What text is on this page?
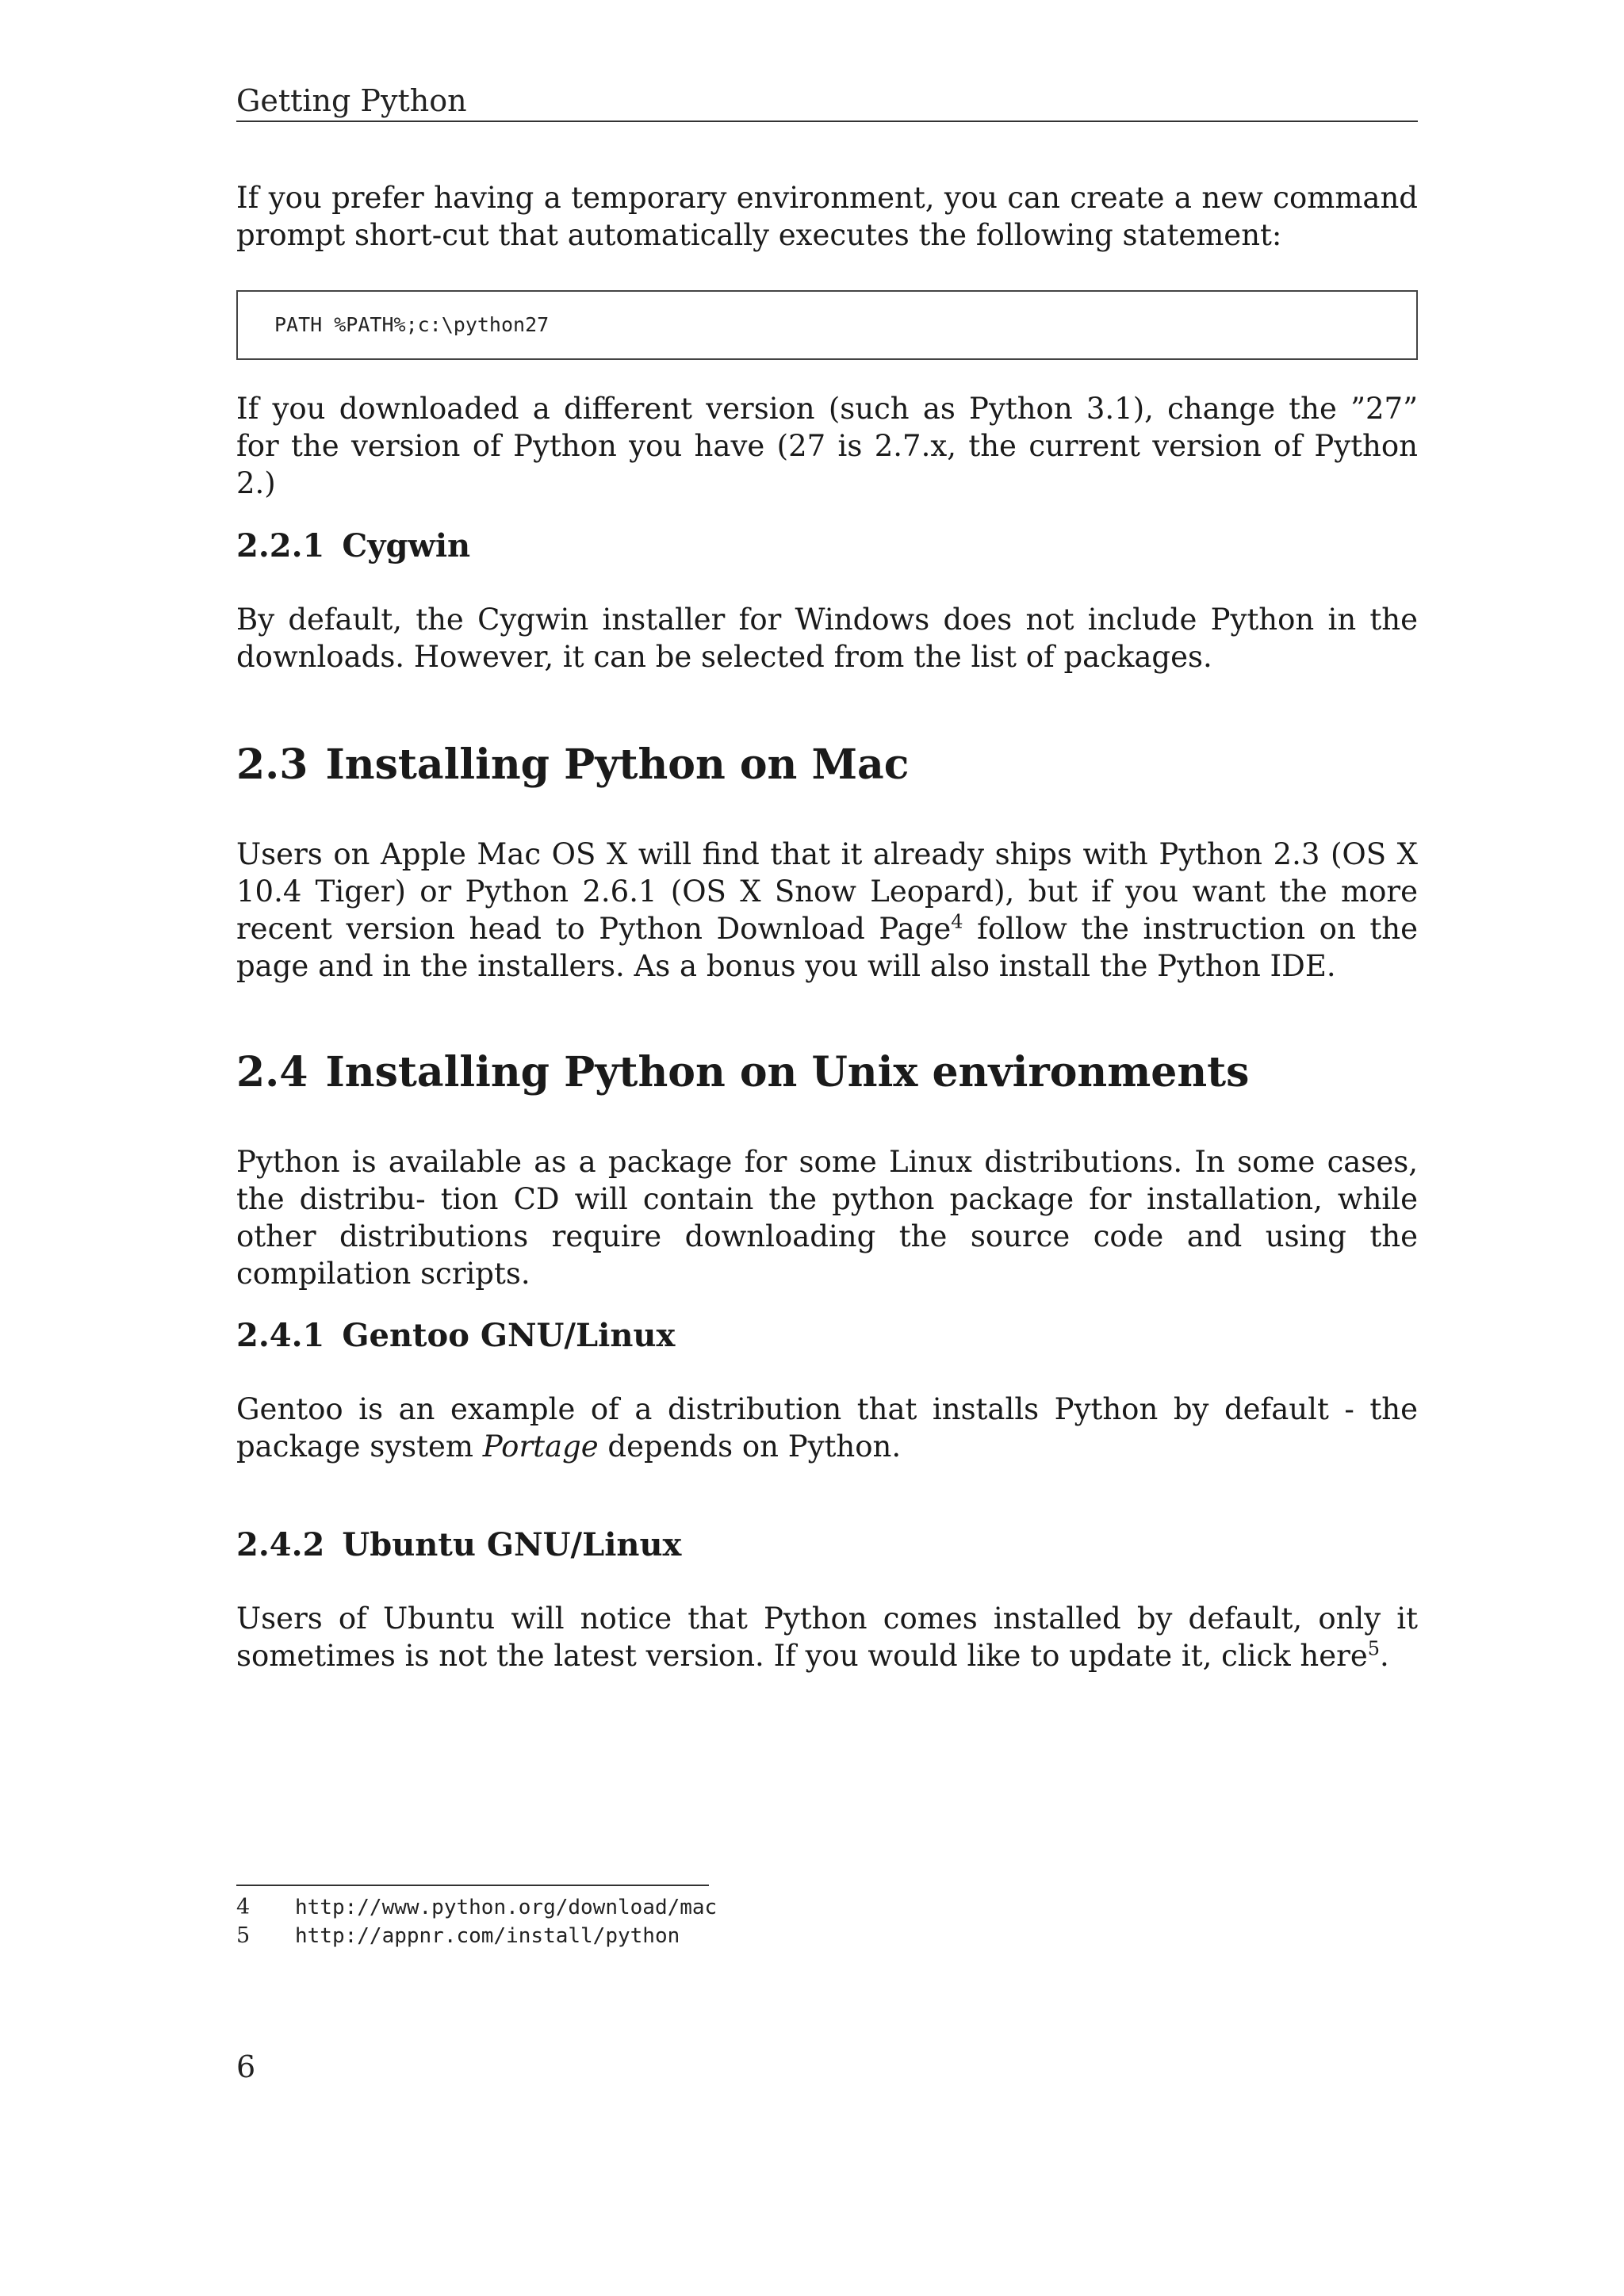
Getting Python

If you prefer having a temporary environment, you can create a new command prompt short-cut that automatically executes the following statement:

PATH %PATH%;c:\python27

If you downloaded a different version (such as Python 3.1), change the ”27” for the version of Python you have (27 is 2.7.x, the current version of Python 2.)

2.2.1 Cygwin

By default, the Cygwin installer for Windows does not include Python in the downloads. However, it can be selected from the list of packages.

2.3 Installing Python on Mac

Users on Apple Mac OS X will find that it already ships with Python 2.3 (OS X 10.4 Tiger) or Python 2.6.1 (OS X Snow Leopard), but if you want the more recent version head to Python Download Page$^4$ follow the instruction on the page and in the installers. As a bonus you will also install the Python IDE.

2.4 Installing Python on Unix environments

Python is available as a package for some Linux distributions. In some cases, the distribu- tion CD will contain the python package for installation, while other distributions require downloading the source code and using the compilation scripts.

2.4.1 Gentoo GNU/Linux

Gentoo is an example of a distribution that installs Python by default - the package system Portage depends on Python.

2.4.2 Ubuntu GNU/Linux

Users of Ubuntu will notice that Python comes installed by default, only it sometimes is not the latest version. If you would like to update it, click here$^5$.

4 http://www.python.org/download/mac
5 http://appnr.com/install/python
6
